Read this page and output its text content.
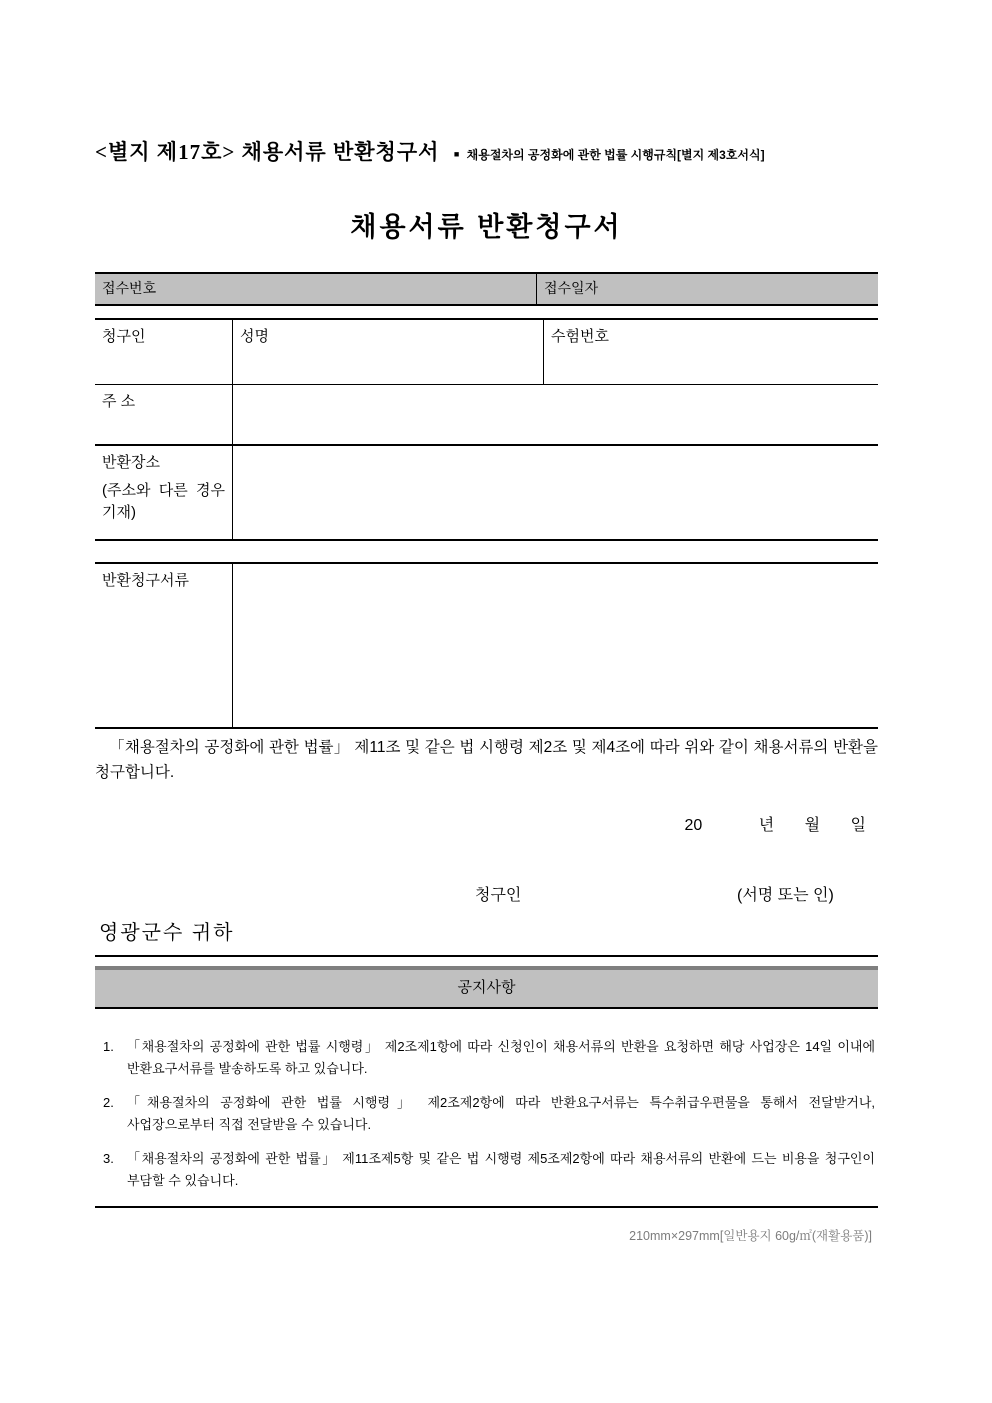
<별지 제17호> 채용서류 반환청구서 ■ 채용절차의 공정화에 관한 법률 시행규칙[별지 제3호서식]
채용서류 반환청구서
접수번호	접수일자
청구인	성명	수험번호
주 소
반환장소
(주소와 다른 경우 기재)
반환청구서류
「채용절차의 공정화에 관한 법률」 제11조 및 같은 법 시행령 제2조 및 제4조에 따라 위와 같이 채용서류의 반환을 청구합니다.
20	년 월 일
청구인	(서명 또는 인)
영광군수 귀하
공지사항
1.	「채용절차의 공정화에 관한 법률 시행령」 제2조제1항에 따라 신청인이 채용서류의 반환을 요청하면 해당 사업장은 14일 이내에 반환요구서류를 발송하도록 하고 있습니다.
2.	「채용절차의 공정화에 관한 법률 시행령」 제2조제2항에 따라 반환요구서류는 특수취급우편물을 통해서 전달받거나, 사업장으로부터 직접 전달받을 수 있습니다.
3.	「채용절차의 공정화에 관한 법률」 제11조제5항 및 같은 법 시행령 제5조제2항에 따라 채용서류의 반환에 드는 비용을 청구인이 부담할 수 있습니다.
210mm×297mm[일반용지 60g/㎡(재활용품)]
